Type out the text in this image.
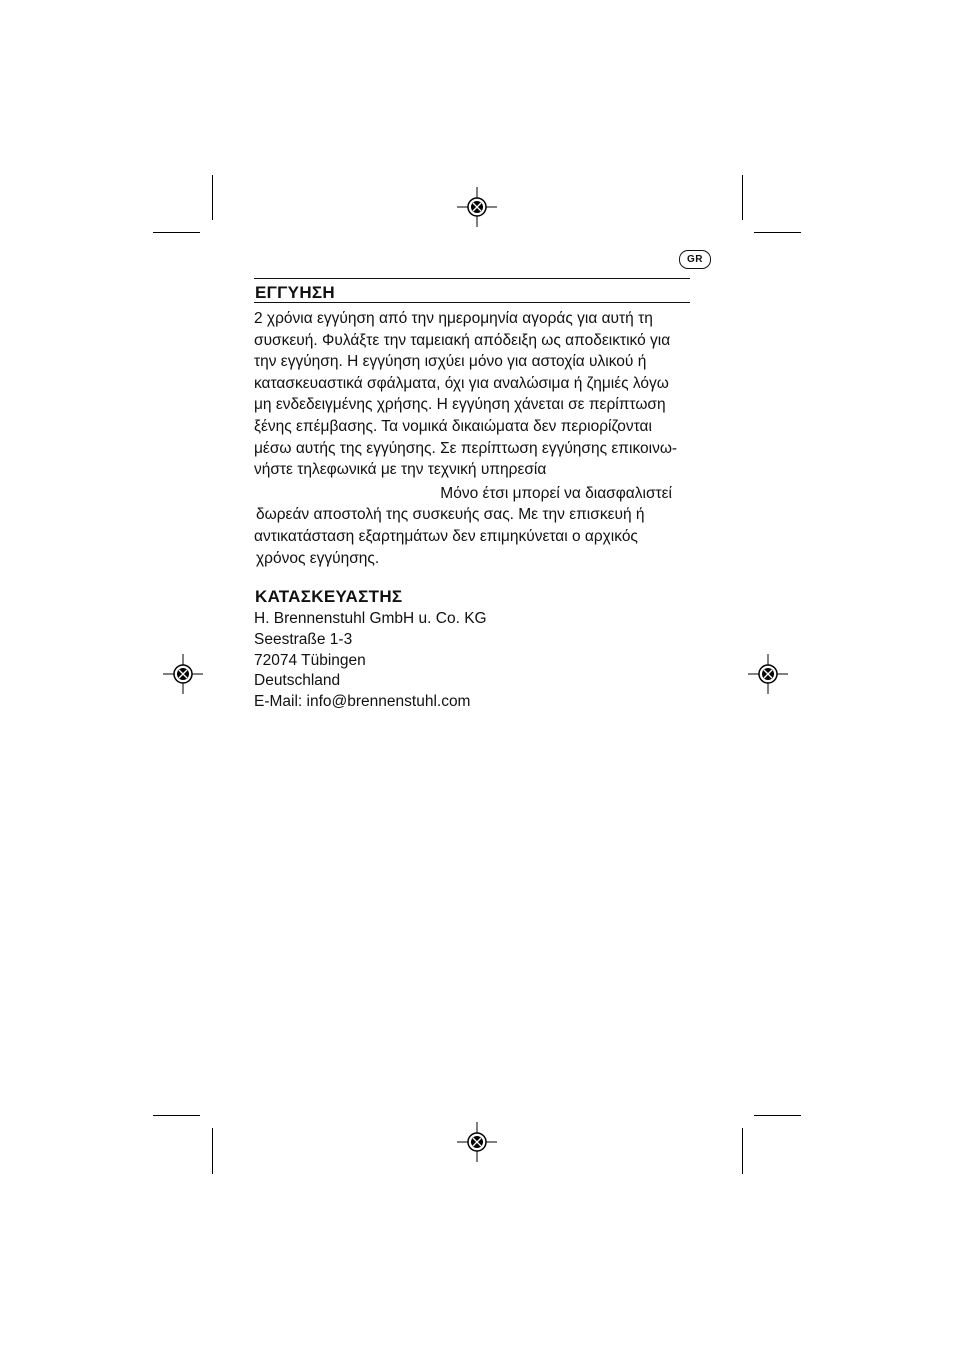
GR
ΕΓΓΥΗΣΗ
2 χρόνια εγγύηση από την ημερομηνία αγοράς για αυτή τη
συσκευή. Φυλάξτε την ταμειακή απόδειξη ως αποδεικτικό για
την εγγύηση. Η εγγύηση ισχύει μόνο για αστοχία υλικού ή
κατασκευαστικά σφάλματα, όχι για αναλώσιμα ή ζημιές λόγω
μη ενδεδειγμένης χρήσης. Η εγγύηση χάνεται σε περίπτωση
ξένης επέμβασης. Τα νομικά δικαιώματα δεν περιορίζονται
μέσω αυτής της εγγύησης. Σε περίπτωση εγγύησης επικοινω-
νήστε τηλεφωνικά με την τεχνική υπηρεσία
Μόνο έτσι μπορεί να διασφαλιστεί
δωρεάν αποστολή της συσκευής σας. Με την επισκευή ή
αντικατάσταση εξαρτημάτων δεν επιμηκύνεται ο αρχικός
χρόνος εγγύησης.
ΚΑΤΑΣΚΕΥΑΣΤΗΣ
H. Brennenstuhl GmbH u. Co. KG
Seestraße 1-3
72074 Tübingen
Deutschland
E-Mail: info@brennenstuhl.com
